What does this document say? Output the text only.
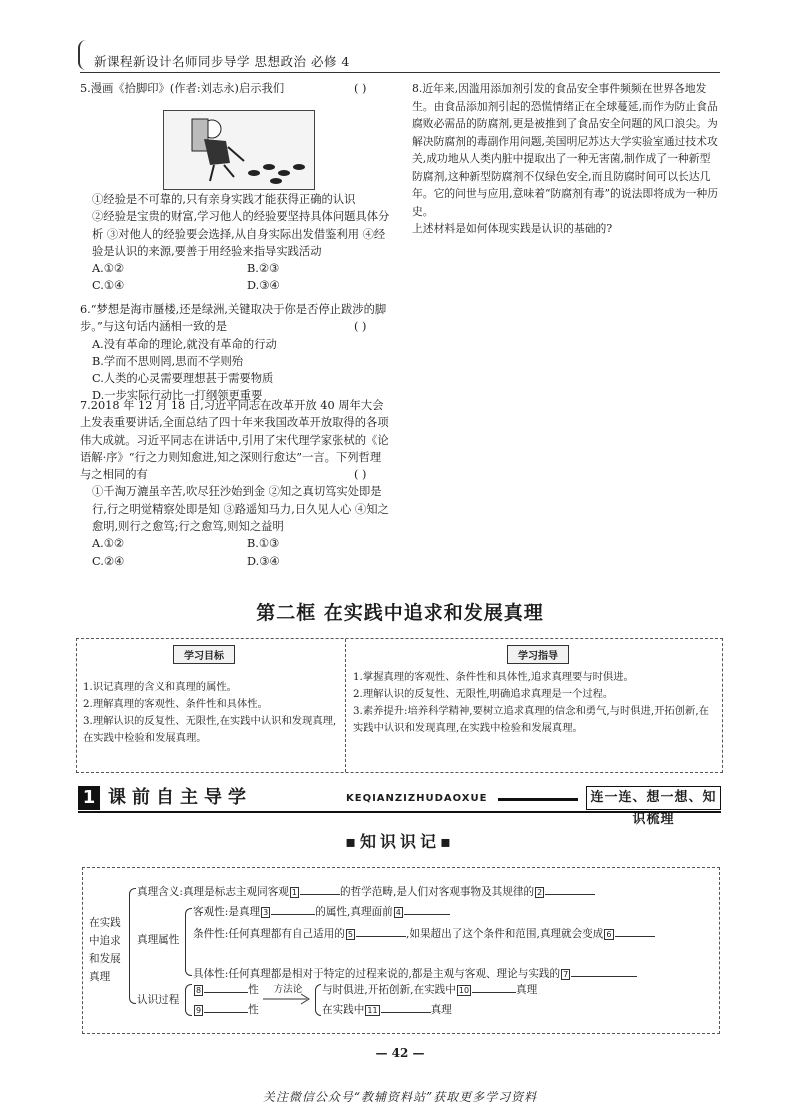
新课程新设计名师同步导学 思想政治 必修 4

5.漫画《拾脚印》(作者:刘志永)启示我们	( )

①经验是不可靠的,只有亲身实践才能获得正确的认识

②经验是宝贵的财富,学习他人的经验要坚持具体问题具体分析 ③对他人的经验要会选择,从自身实际出发借鉴利用 ④经验是认识的来源,要善于用经验来指导实践活动

A.①②	B.②③
C.①④	D.③④

6.“梦想是海市蜃楼,还是绿洲,关键取决于你是否停止跋涉的脚步。”与这句话内涵相一致的是	( )

A.没有革命的理论,就没有革命的行动

B.学而不思则罔,思而不学则殆

C.人类的心灵需要理想甚于需要物质

D.一步实际行动比一打纲领更重要

7.2018 年 12 月 18 日,习近平同志在改革开放 40 周年大会上发表重要讲话,全面总结了四十年来我国改革开放取得的各项伟大成就。习近平同志在讲话中,引用了宋代理学家张栻的《论语解·序》“行之力则知愈进,知之深则行愈达”一言。下列哲理与之相同的有	( )

①千淘万漉虽辛苦,吹尽狂沙始到金 ②知之真切笃实处即是行,行之明觉精察处即是知 ③路遥知马力,日久见人心 ④知之愈明,则行之愈笃;行之愈笃,则知之益明

A.①②	B.①③
C.②④	D.③④

8.近年来,因滥用添加剂引发的食品安全事件频频在世界各地发生。由食品添加剂引起的恐慌情绪正在全球蔓延,而作为防止食品腐败必需品的防腐剂,更是被推到了食品安全问题的风口浪尖。为解决防腐剂的毒副作用问题,美国明尼苏达大学实验室通过技术攻关,成功地从人类内脏中提取出了一种无害菌,制作成了一种新型防腐剂,这种新型防腐剂不仅绿色安全,而且防腐时间可以长达几年。它的问世与应用,意味着“防腐剂有毒”的说法即将成为一种历史。

上述材料是如何体现实践是认识的基础的?

第二框 在实践中追求和发展真理
学习目标	学习指导

1.识记真理的含义和真理的属性。

2.理解真理的客观性、条件性和具体性。

3.理解认识的反复性、无限性,在实践中认识和发现真理,在实践中检验和发展真理。

1.掌握真理的客观性、条件性和具体性,追求真理要与时俱进。

2.理解认识的反复性、无限性,明确追求真理是一个过程。

3.素养提升:培养科学精神,要树立追求真理的信念和勇气,与时俱进,开拓创新,在实践中认识和发现真理,在实践中检验和发展真理。

1 课前自主导学	KEQIANZIZHUDAOXUE	连一连、想一想、知识梳理
▪知识识记▪
在实践
中追求
和发展
真理
真理含义:真理是标志主观同客观 1	的哲学范畴,是人们对客观事物及其规律的 2
真理属性
客观性:是真理 3	的属性,真理面前 4
条件性:任何真理都有自己适用的 5	,如果超出了这个条件和范围,真理就会变成 6
具体性:任何真理都是相对于特定的过程来说的,都是主观与客观、理论与实践的 7
认识过程
8	性
9	性
方法论	与时俱进,开拓创新,在实践中 10	真理
在实践中 11	真理
— 42 —
关注微信公众号“教辅资料站”获取更多学习资料
